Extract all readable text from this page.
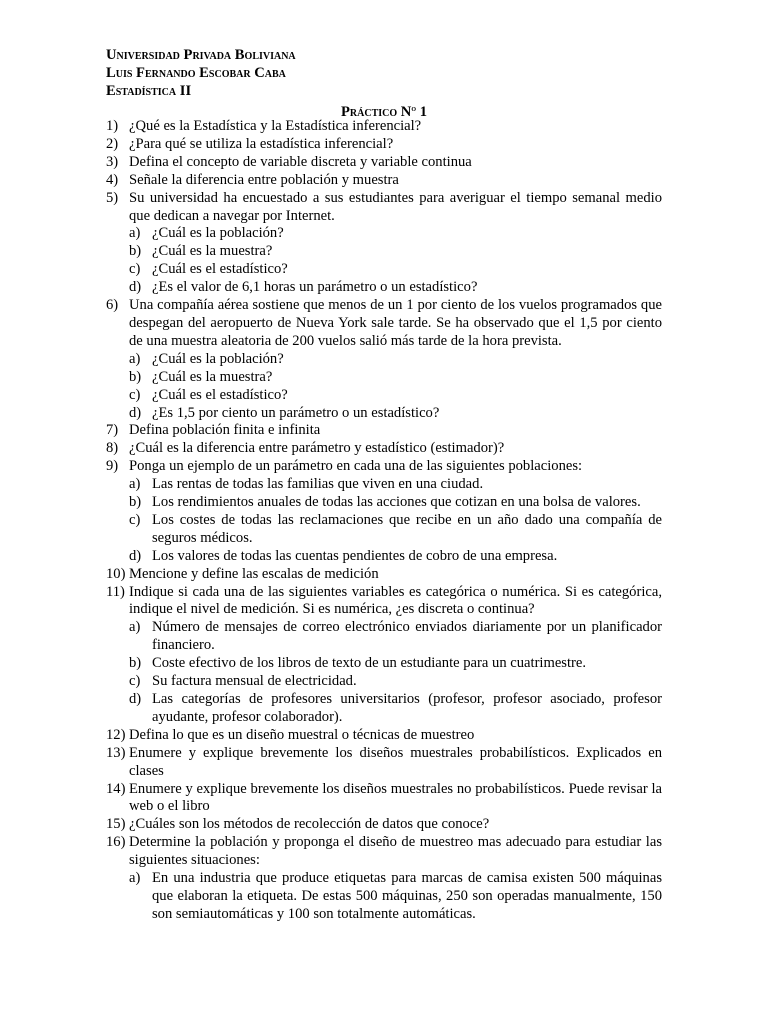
Universidad Privada Boliviana
Luis Fernando Escobar Caba
Estadística II
Práctico $N^o$ 1
1) ¿Qué es la Estadística y la Estadística inferencial?
2) ¿Para qué se utiliza la estadística inferencial?
3) Defina el concepto de variable discreta y variable continua
4) Señale la diferencia entre población y muestra
5) Su universidad ha encuestado a sus estudiantes para averiguar el tiempo semanal medio que dedican a navegar por Internet.
a) ¿Cuál es la población?
b) ¿Cuál es la muestra?
c) ¿Cuál es el estadístico?
d) ¿Es el valor de 6,1 horas un parámetro o un estadístico?
6) Una compañía aérea sostiene que menos de un 1 por ciento de los vuelos programados que despegan del aeropuerto de Nueva York sale tarde. Se ha observado que el 1,5 por ciento de una muestra aleatoria de 200 vuelos salió más tarde de la hora prevista.
a) ¿Cuál es la población?
b) ¿Cuál es la muestra?
c) ¿Cuál es el estadístico?
d) ¿Es 1,5 por ciento un parámetro o un estadístico?
7) Defina población finita e infinita
8) ¿Cuál es la diferencia entre parámetro y estadístico (estimador)?
9) Ponga un ejemplo de un parámetro en cada una de las siguientes poblaciones:
a) Las rentas de todas las familias que viven en una ciudad.
b) Los rendimientos anuales de todas las acciones que cotizan en una bolsa de valores.
c) Los costes de todas las reclamaciones que recibe en un año dado una compañía de seguros médicos.
d) Los valores de todas las cuentas pendientes de cobro de una empresa.
10) Mencione y define las escalas de medición
11) Indique si cada una de las siguientes variables es categórica o numérica. Si es categórica, indique el nivel de medición. Si es numérica, ¿es discreta o continua?
a) Número de mensajes de correo electrónico enviados diariamente por un planificador financiero.
b) Coste efectivo de los libros de texto de un estudiante para un cuatrimestre.
c) Su factura mensual de electricidad.
d) Las categorías de profesores universitarios (profesor, profesor asociado, profesor ayudante, profesor colaborador).
12) Defina lo que es un diseño muestral o técnicas de muestreo
13) Enumere y explique brevemente los diseños muestrales probabilísticos. Explicados en clases
14) Enumere y explique brevemente los diseños muestrales no probabilísticos. Puede revisar la web o el libro
15) ¿Cuáles son los métodos de recolección de datos que conoce?
16) Determine la población y proponga el diseño de muestreo mas adecuado para estudiar las siguientes situaciones:
a) En una industria que produce etiquetas para marcas de camisa existen 500 máquinas que elaboran la etiqueta. De estas 500 máquinas, 250 son operadas manualmente, 150 son semiautomáticas y 100 son totalmente automáticas.
